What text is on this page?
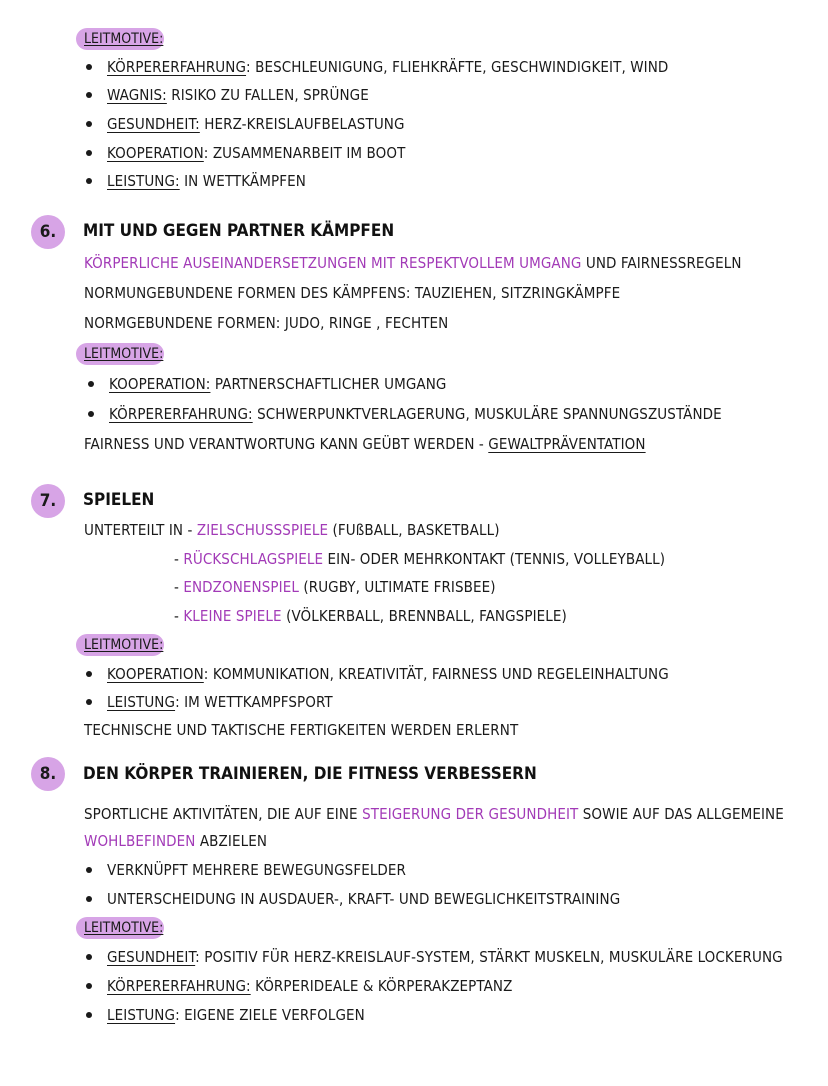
LEITMOTIVE:
KÖRPERERFAHRUNG: BESCHLEUNIGUNG, FLIEHKRÄFTE, GESCHWINDIGKEIT, WIND
WAGNIS: RISIKO ZU FALLEN, SPRÜNGE
GESUNDHEIT: HERZ-KREISLAUFBELASTUNG
KOOPERATION: ZUSAMMENARBEIT IM BOOT
LEISTUNG: IN WETTKÄMPFEN
6.	MIT UND GEGEN PARTNER KÄMPFEN
KÖRPERLICHE AUSEINANDERSETZUNGEN MIT RESPEKTVOLLEM UMGANG UND FAIRNESSREGELN
NORMUNGEBUNDENE FORMEN DES KÄMPFENS: TAUZIEHEN, SITZRINGKÄMPFE
NORMGEBUNDENE FORMEN: JUDO, RINGE , FECHTEN
LEITMOTIVE:
KOOPERATION: PARTNERSCHAFTLICHER UMGANG
KÖRPERERFAHRUNG: SCHWERPUNKTVERLAGERUNG, MUSKULÄRE SPANNUNGSZUSTÄNDE
FAIRNESS UND VERANTWORTUNG KANN GEÜBT WERDEN - GEWALTPRÄVENTATION
7.	SPIELEN
UNTERTEILT IN - ZIELSCHUSSSPIELE (FUßBALL, BASKETBALL)
- RÜCKSCHLAGSPIELE EIN- ODER MEHRKONTAKT (TENNIS, VOLLEYBALL)
- ENDZONENSPIEL (RUGBY, ULTIMATE FRISBEE)
- KLEINE SPIELE (VÖLKERBALL, BRENNBALL, FANGSPIELE)
LEITMOTIVE:
KOOPERATION: KOMMUNIKATION, KREATIVITÄT, FAIRNESS UND REGELEINHALTUNG
LEISTUNG: IM WETTKAMPFSPORT
TECHNISCHE UND TAKTISCHE FERTIGKEITEN WERDEN ERLERNT
8.	DEN KÖRPER TRAINIEREN, DIE FITNESS VERBESSERN
SPORTLICHE AKTIVITÄTEN, DIE AUF EINE STEIGERUNG DER GESUNDHEIT SOWIE AUF DAS ALLGEMEINE
WOHLBEFINDEN ABZIELEN
VERKNÜPFT MEHRERE BEWEGUNGSFELDER
UNTERSCHEIDUNG IN AUSDAUER-, KRAFT- UND BEWEGLICHKEITSTRAINING
LEITMOTIVE:
GESUNDHEIT: POSITIV FÜR HERZ-KREISLAUF-SYSTEM, STÄRKT MUSKELN, MUSKULÄRE LOCKERUNG
KÖRPERERFAHRUNG: KÖRPERIDEALE & KÖRPERAKZEPTANZ
LEISTUNG: EIGENE ZIELE VERFOLGEN
